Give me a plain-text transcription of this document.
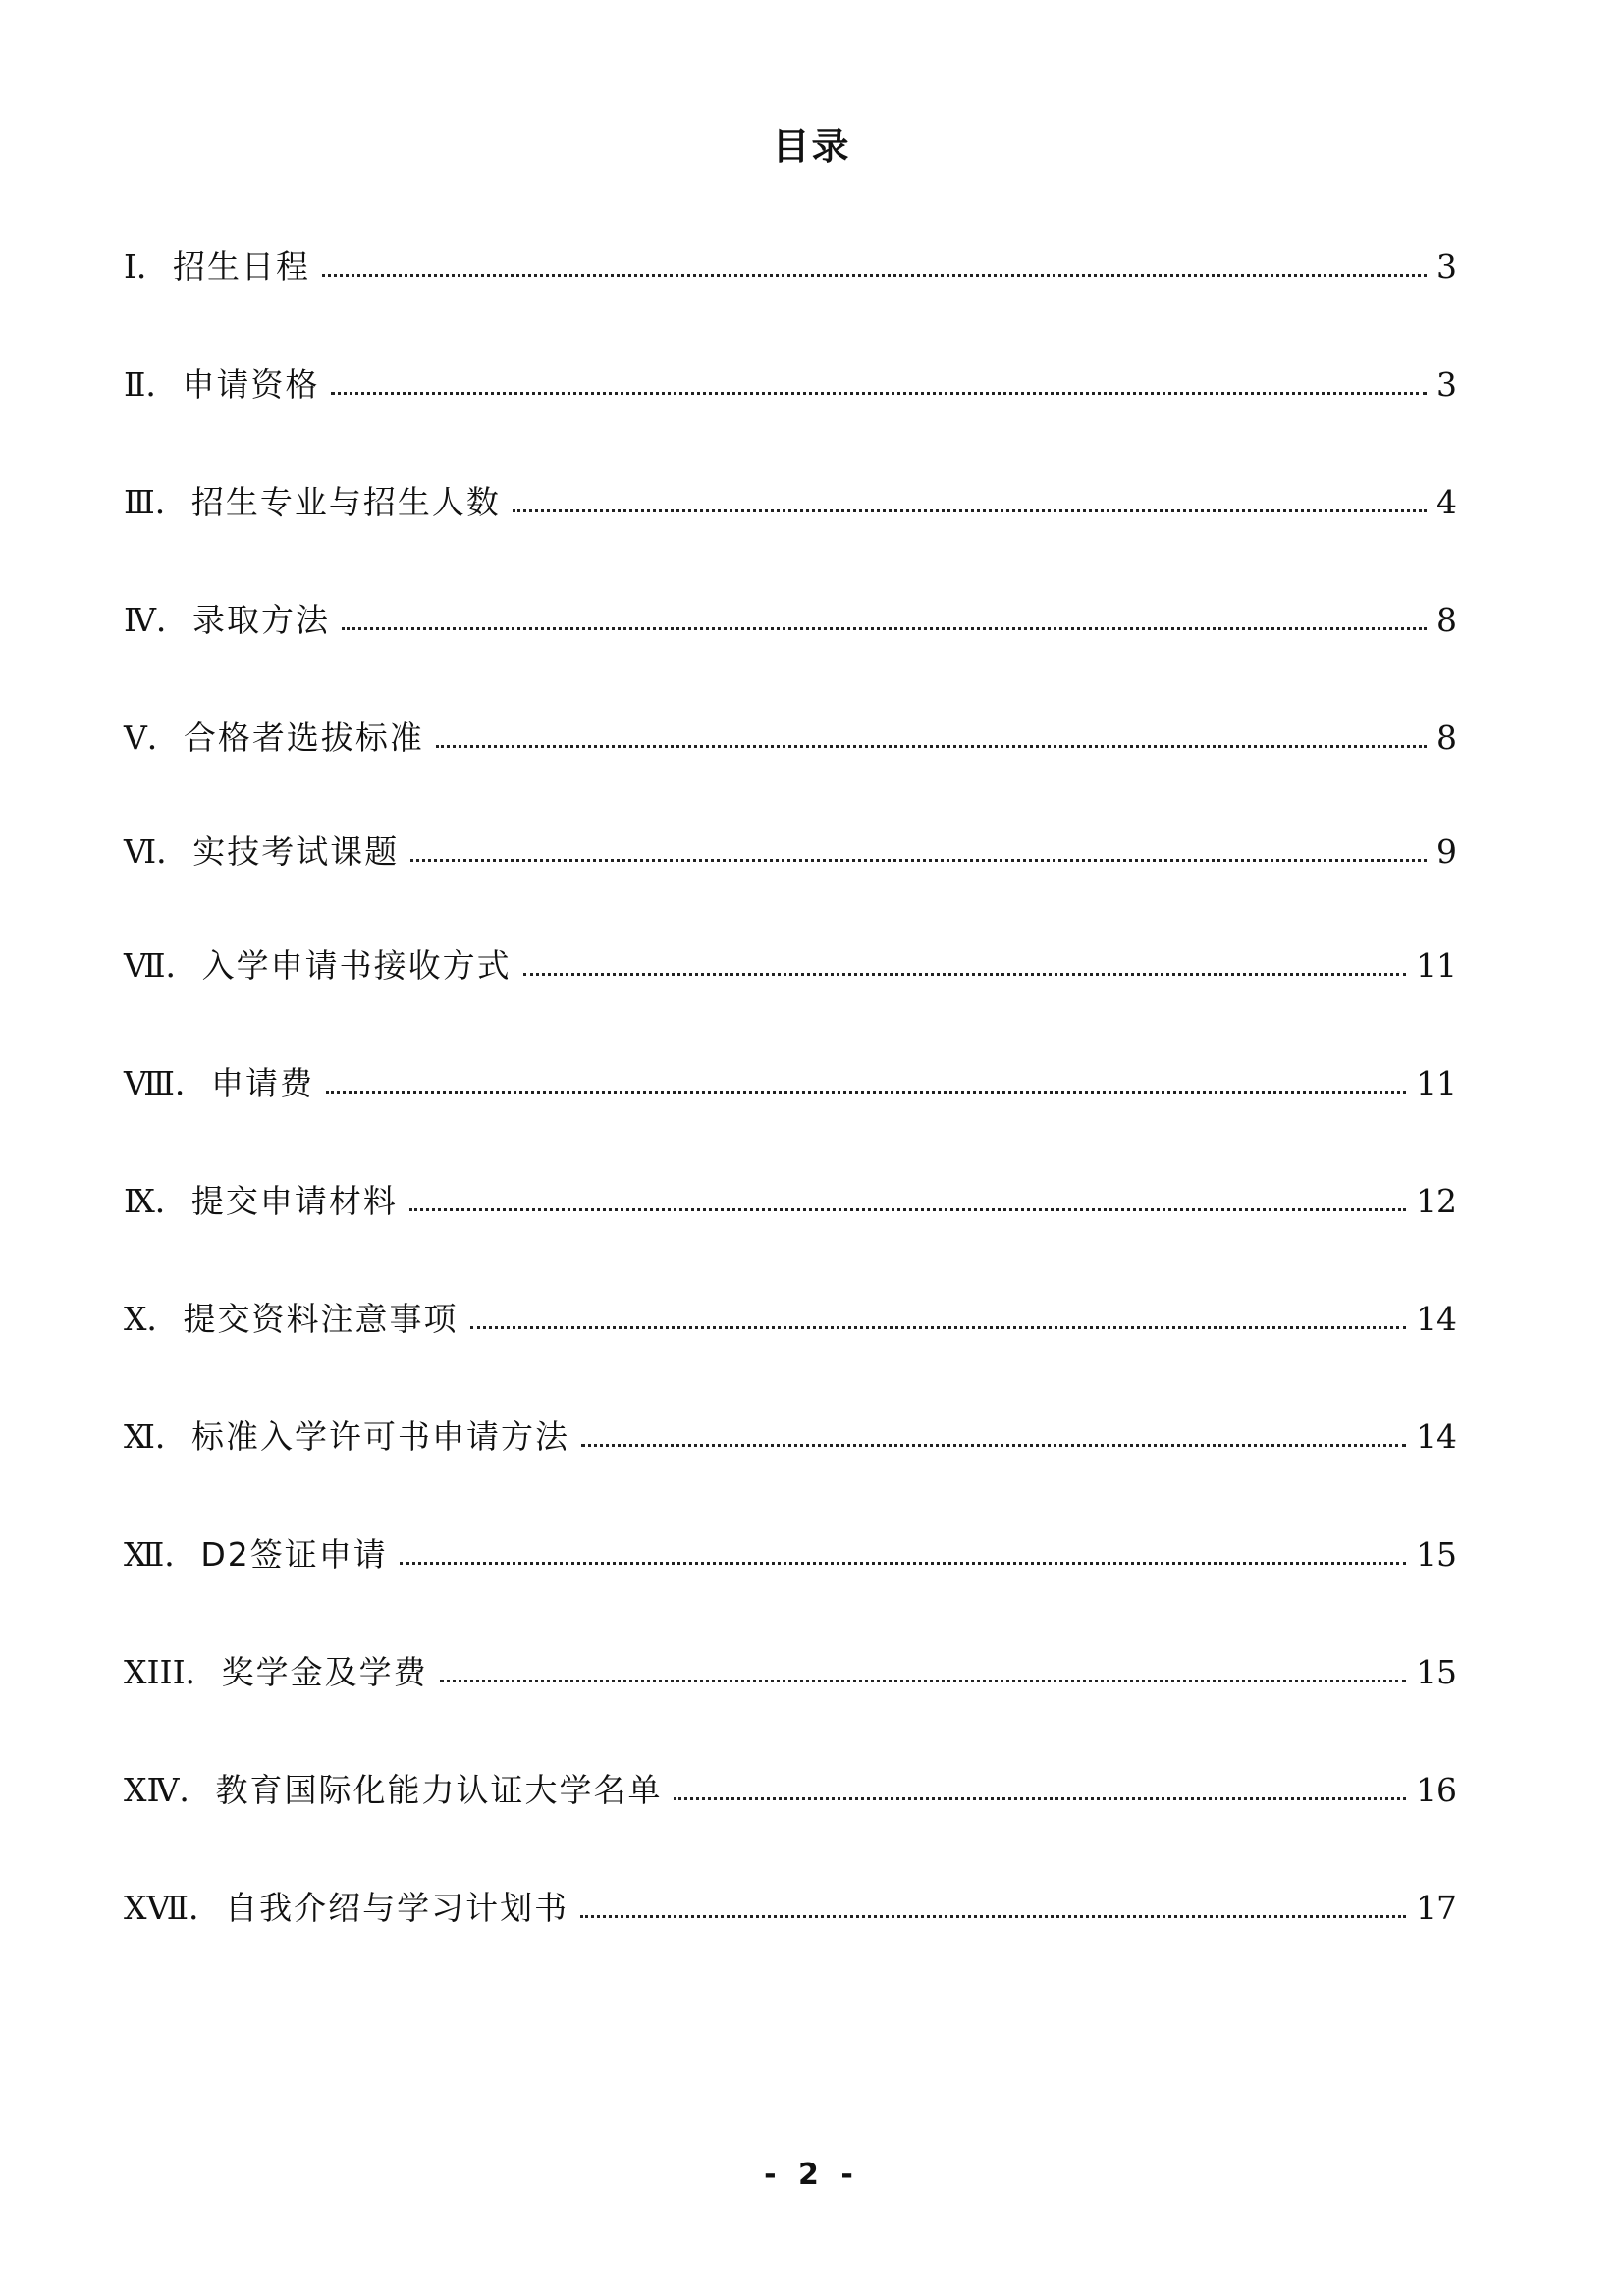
目录
Ⅰ ． 招生日程	3
Ⅱ ． 申请资格	3
Ⅲ ． 招生专业与招生人数	4
Ⅳ ． 录取方法	8
Ⅴ ． 合格者选拔标准	8
Ⅵ ． 实技考试课题	9
Ⅶ ． 入学申请书接收方式	11
Ⅷ ． 申请费	11
Ⅸ ． 提交申请材料	12
Ⅹ ． 提交资料注意事项	14
Ⅺ ． 标准入学许可书申请方法	14
Ⅻ ． D2签证申请	15
XIII ． 奖学金及学费	15
XⅣ ． 教育国际化能力认证大学名单	16
ⅩⅦ ． 自我介绍与学习计划书	17
- 2 -
